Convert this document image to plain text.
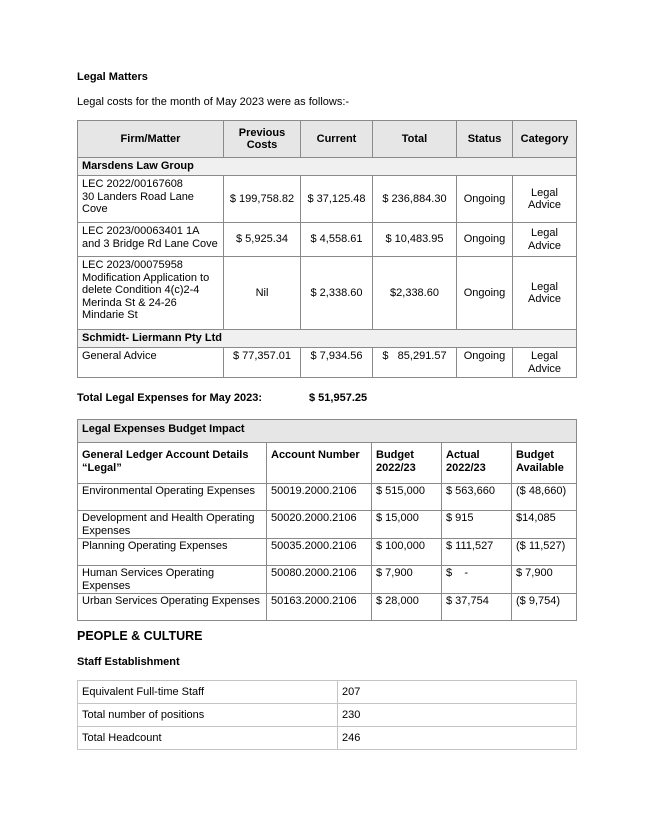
Legal Matters
Legal costs for the month of May 2023 were as follows:-
Firm/Matter	Previous Costs	Current	Total	Status	Category
Marsdens Law Group					
LEC 2022/00167608
30 Landers Road Lane Cove	$ 199,758.82	$ 37,125.48	$ 236,884.30	Ongoing	Legal Advice
LEC 2023/00063401 1A and 3 Bridge Rd Lane Cove	$ 5,925.34	$ 4,558.61	$ 10,483.95	Ongoing	Legal Advice
LEC 2023/00075958
Modification Application to delete Condition 4(c)2-4 Merinda St & 24-26 Mindarie St	Nil	$ 2,338.60	$2,338.60	Ongoing	Legal Advice
Schmidt- Liermann Pty Ltd					
General Advice	$ 77,357.01	$ 7,934.56	$   85,291.57	Ongoing	Legal Advice
Total Legal Expenses for May 2023:	$ 51,957.25
Legal Expenses Budget Impact				
General Ledger Account Details “Legal”	Account Number	Budget 2022/23	Actual 2022/23	Budget Available
Environmental Operating Expenses	50019.2000.2106	$ 515,000	$ 563,660	($ 48,660)
Development and Health Operating Expenses	50020.2000.2106	$ 15,000	$ 915	$14,085
Planning Operating Expenses	50035.2000.2106	$ 100,000	$ 111,527	($ 11,527)
Human Services Operating Expenses	50080.2000.2106	$ 7,900	$    -	$ 7,900
Urban Services Operating Expenses	50163.2000.2106	$ 28,000	$ 37,754	($ 9,754)
PEOPLE & CULTURE
Staff Establishment
Equivalent Full-time Staff	207
Total number of positions	230
Total Headcount	246
